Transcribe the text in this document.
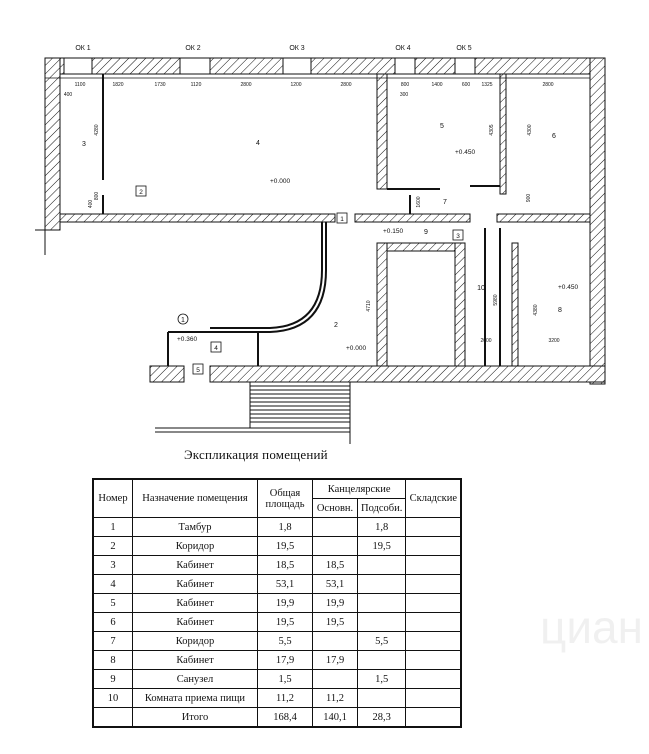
ОК 1	ОК 2	ОК 3	ОК 4	ОК 5
1100	1820	1730	1120	2800	1200	2800	800	1400	600 1325	2800
400	300
4280	4305	4300
1600
800	900
400
4710
5980
4380
2000	3200
+0.000
+0.450
+0.150
+0.000
+0.450
+0.360
1
2
3	4
5
6
7
8
9
10
1
2
3
4
5
Экспликация помещений
циан
Номер	Назначение помещения	Общая площадь	Канцелярские		Складские
			Основн.	Подсоби.	
1	Тамбур	1,8		1,8	
2	Коридор	19,5		19,5	
3	Кабинет	18,5	18,5		
4	Кабинет	53,1	53,1		
5	Кабинет	19,9	19,9		
6	Кабинет	19,5	19,5		
7	Коридор	5,5		5,5	
8	Кабинет	17,9	17,9		
9	Санузел	1,5		1,5	
10	Комната приема пищи	11,2	11,2		
	Итого	168,4	140,1	28,3	
